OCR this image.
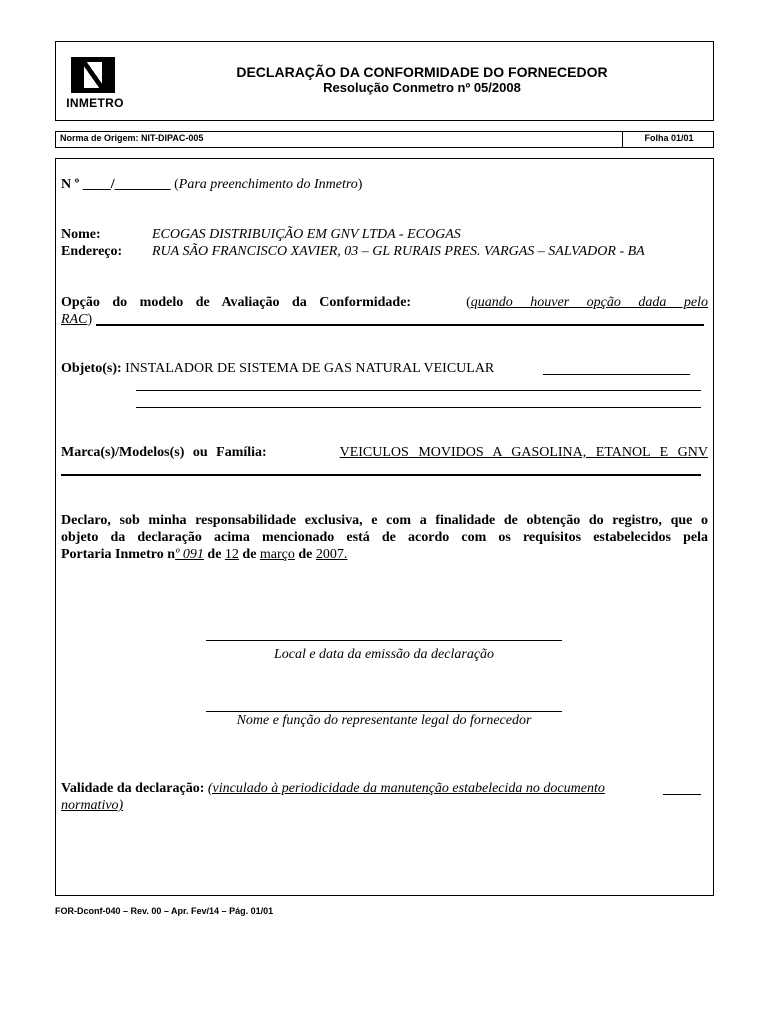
INMETRO
DECLARAÇÃO DA CONFORMIDADE DO FORNECEDOR
Resolução Conmetro nº 05/2008
Norma de Origem: NIT-DIPAC-005	Folha 01/01
N º ____/________ (Para preenchimento do Inmetro)
Nome:	ECOGAS DISTRIBUIÇÃO EM GNV LTDA - ECOGAS
Endereço: RUA SÃO FRANCISCO XAVIER, 03 – GL RURAIS PRES. VARGAS – SALVADOR - BA
Opção do modelo de Avaliação da Conformidade:	(quando houver opção dada pelo
RAC)
Objeto(s): INSTALADOR DE SISTEMA DE GAS NATURAL VEICULAR
Marca(s)/Modelos(s) ou Família:	VEICULOS MOVIDOS A GASOLINA, ETANOL E GNV
Declaro, sob minha responsabilidade exclusiva, e com a finalidade de obtenção do registro, que o
objeto da declaração acima mencionado está de acordo com os requisitos estabelecidos pela
Portaria Inmetro nº 091 de 12 de março de 2007.
Local e data da emissão da declaração
Nome e função do representante legal do fornecedor
Validade da declaração: (vinculado à periodicidade da manutenção estabelecida no documento
normativo)
FOR-Dconf-040 – Rev. 00 – Apr. Fev/14 – Pág. 01/01
